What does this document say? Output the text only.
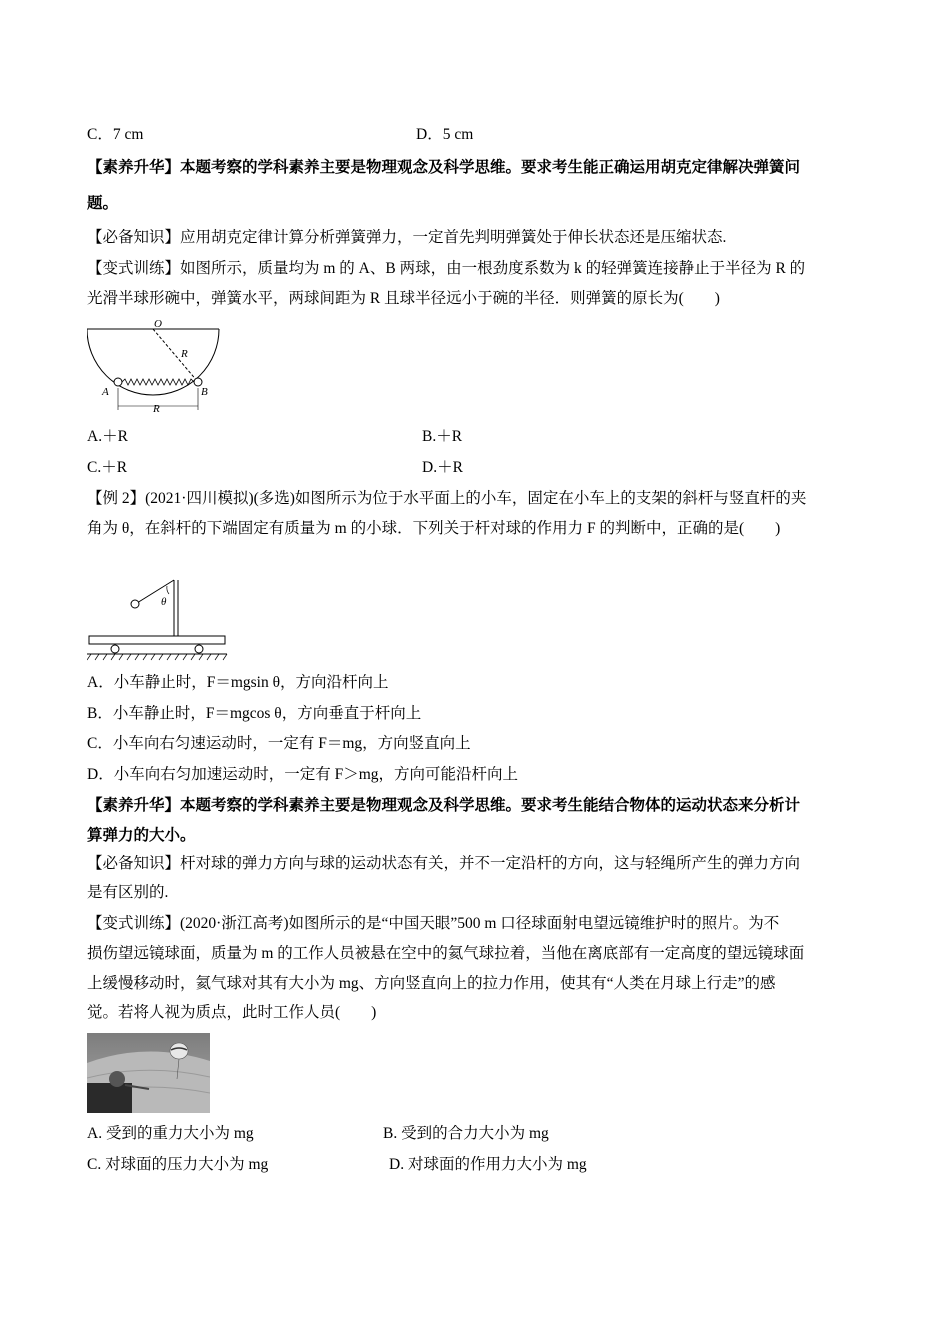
C．7 cm	D．5 cm
【素养升华】本题考察的学科素养主要是物理观念及科学思维。要求考生能正确运用胡克定律解决弹簧问
题。
【必备知识】应用胡克定律计算分析弹簧弹力，一定首先判明弹簧处于伸长状态还是压缩状态.
【变式训练】如图所示，质量均为 m 的 A、B 两球，由一根劲度系数为 k 的轻弹簧连接静止于半径为 R 的
光滑半球形碗中，弹簧水平，两球间距为 R 且球半径远小于碗的半径．则弹簧的原长为(　　)
O
R
A	B
R
A.＋R	B.＋R
C.＋R	D.＋R
【例 2】(2021·四川模拟)(多选)如图所示为位于水平面上的小车，固定在小车上的支架的斜杆与竖直杆的夹
角为 θ，在斜杆的下端固定有质量为 m 的小球．下列关于杆对球的作用力 F 的判断中，正确的是(　　)
θ
A．小车静止时，F＝mgsin θ，方向沿杆向上
B．小车静止时，F＝mgcos θ，方向垂直于杆向上
C．小车向右匀速运动时，一定有 F＝mg，方向竖直向上
D．小车向右匀加速运动时，一定有 F＞mg，方向可能沿杆向上
【素养升华】本题考察的学科素养主要是物理观念及科学思维。要求考生能结合物体的运动状态来分析计
算弹力的大小。
【必备知识】杆对球的弹力方向与球的运动状态有关，并不一定沿杆的方向，这与轻绳所产生的弹力方向
是有区别的.
【变式训练】(2020·浙江高考)如图所示的是“中国天眼”500 m 口径球面射电望远镜维护时的照片。为不
损伤望远镜球面，质量为 m 的工作人员被悬在空中的氦气球拉着，当他在离底部有一定高度的望远镜球面
上缓慢移动时，氦气球对其有大小为 mg、方向竖直向上的拉力作用，使其有“人类在月球上行走”的感
觉。若将人视为质点，此时工作人员(　　)
A. 受到的重力大小为 mg	B. 受到的合力大小为 mg
C. 对球面的压力大小为 mg	D. 对球面的作用力大小为 mg
